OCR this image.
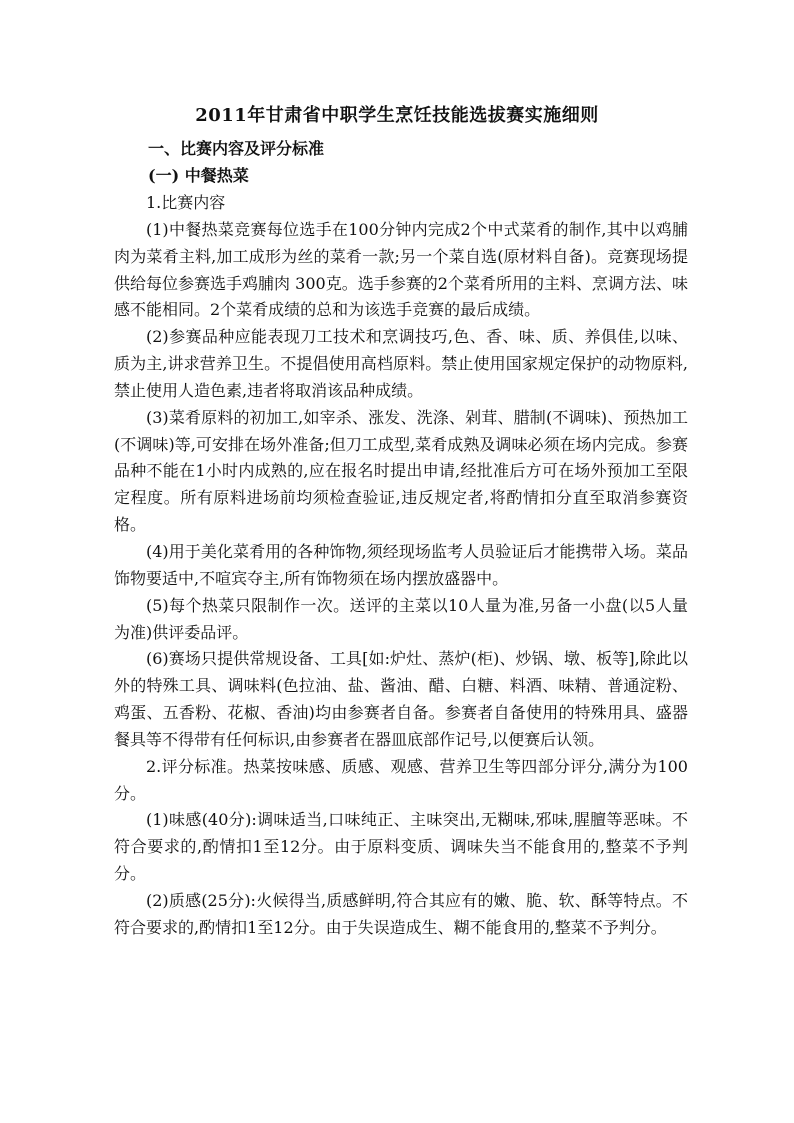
2011年甘肃省中职学生烹饪技能选拔赛实施细则
一、比赛内容及评分标准
(一) 中餐热菜

1.比赛内容

(1)中餐热菜竞赛每位选手在100分钟内完成2个中式菜肴的制作,其中以鸡脯肉为菜肴主料,加工成形为丝的菜肴一款;另一个菜自选(原材料自备)。竞赛现场提供给每位参赛选手鸡脯肉 300克。选手参赛的2个菜肴所用的主料、烹调方法、味感不能相同。2个菜肴成绩的总和为该选手竞赛的最后成绩。

(2)参赛品种应能表现刀工技术和烹调技巧,色、香、味、质、养俱佳,以味、质为主,讲求营养卫生。不提倡使用高档原料。禁止使用国家规定保护的动物原料,禁止使用人造色素,违者将取消该品种成绩。

(3)菜肴原料的初加工,如宰杀、涨发、洗涤、剁茸、腊制(不调味)、预热加工(不调味)等,可安排在场外准备;但刀工成型,菜肴成熟及调味必须在场内完成。参赛品种不能在1小时内成熟的,应在报名时提出申请,经批准后方可在场外预加工至限定程度。所有原料进场前均须检查验证,违反规定者,将酌情扣分直至取消参赛资格。

(4)用于美化菜肴用的各种饰物,须经现场监考人员验证后才能携带入场。菜品饰物要适中,不喧宾夺主,所有饰物须在场内摆放盛器中。

(5)每个热菜只限制作一次。送评的主菜以10人量为准,另备一小盘(以5人量为准)供评委品评。

(6)赛场只提供常规设备、工具[如:炉灶、蒸炉(柜)、炒锅、墩、板等],除此以外的特殊工具、调味料(色拉油、盐、酱油、醋、白糖、料酒、味精、普通淀粉、鸡蛋、五香粉、花椒、香油)均由参赛者自备。参赛者自备使用的特殊用具、盛器餐具等不得带有任何标识,由参赛者在器皿底部作记号,以便赛后认领。

2.评分标准。热菜按味感、质感、观感、营养卫生等四部分评分,满分为100分。

(1)味感(40分):调味适当,口味纯正、主味突出,无糊味,邪味,腥膻等恶味。不符合要求的,酌情扣1至12分。由于原料变质、调味失当不能食用的,整菜不予判分。

(2)质感(25分):火候得当,质感鲜明,符合其应有的嫩、脆、软、酥等特点。不符合要求的,酌情扣1至12分。由于失误造成生、糊不能食用的,整菜不予判分。
